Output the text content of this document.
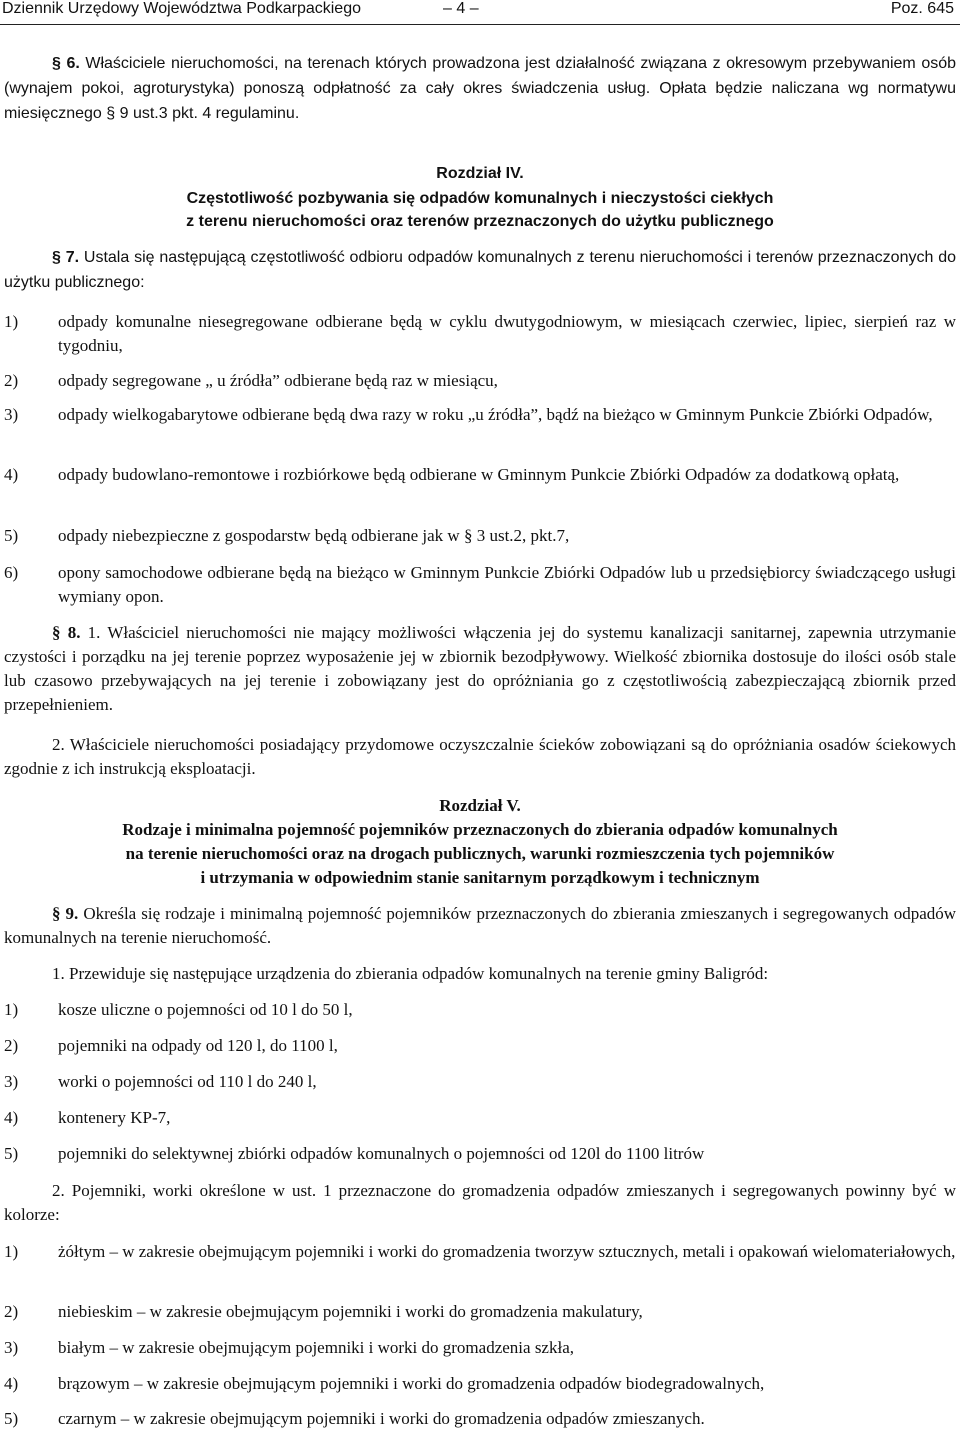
Dziennik Urzędowy Województwa Podkarpackiego	– 4 –	Poz. 645

§ 6. Właściciele nieruchomości, na terenach których prowadzona jest działalność związana z okresowym przebywaniem osób (wynajem pokoi, agroturystyka) ponoszą odpłatność za cały okres świadczenia usług. Opłata będzie naliczana wg normatywu miesięcznego § 9 ust.3 pkt. 4 regulaminu.

Rozdział IV.

Częstotliwość pozbywania się odpadów komunalnych i nieczystości ciekłych

z terenu nieruchomości oraz terenów przeznaczonych do użytku publicznego

§ 7. Ustala się następującą częstotliwość odbioru odpadów komunalnych z terenu nieruchomości i terenów przeznaczonych do użytku publicznego:

1)	odpady komunalne niesegregowane odbierane będą w cyklu dwutygodniowym, w miesiącach czerwiec, lipiec, sierpień raz w tygodniu,
2)	odpady segregowane „ u źródła” odbierane będą raz w miesiącu,
3)	odpady wielkogabarytowe odbierane będą dwa razy w roku „u źródła”, bądź na bieżąco w Gminnym Punkcie Zbiórki Odpadów,
4)	odpady budowlano-remontowe i rozbiórkowe będą odbierane w Gminnym Punkcie Zbiórki Odpadów za dodatkową opłatą,
5)	odpady niebezpieczne z gospodarstw będą odbierane jak w § 3 ust.2, pkt.7,
6)	opony samochodowe odbierane będą na bieżąco w Gminnym Punkcie Zbiórki Odpadów lub u przedsiębiorcy świadczącego usługi wymiany opon.

§ 8. 1. Właściciel nieruchomości nie mający możliwości włączenia jej do systemu kanalizacji sanitarnej, zapewnia utrzymanie czystości i porządku na jej terenie poprzez wyposażenie jej w zbiornik bezodpływowy. Wielkość zbiornika dostosuje do ilości osób stale lub czasowo przebywających na jej terenie i zobowiązany jest do opróżniania go z częstotliwością zabezpieczającą zbiornik przed przepełnieniem.

2. Właściciele nieruchomości posiadający przydomowe oczyszczalnie ścieków zobowiązani są do opróżniania osadów ściekowych zgodnie z ich instrukcją eksploatacji.

Rozdział V.

Rodzaje i minimalna pojemność pojemników przeznaczonych do zbierania odpadów komunalnych

na terenie nieruchomości oraz na drogach publicznych, warunki rozmieszczenia tych pojemników

i utrzymania w odpowiednim stanie sanitarnym porządkowym i technicznym

§ 9. Określa się rodzaje i minimalną pojemność pojemników przeznaczonych do zbierania zmieszanych i segregowanych odpadów komunalnych na terenie nieruchomość.

1. Przewiduje się następujące urządzenia do zbierania odpadów komunalnych na terenie gminy Baligród:

1)	kosze uliczne o pojemności od 10 l do 50 l,
2)	pojemniki na odpady od 120 l, do 1100 l,
3)	worki o pojemności od 110 l do 240 l,
4)	kontenery KP-7,
5)	pojemniki do selektywnej zbiórki odpadów komunalnych o pojemności od 120l do 1100 litrów

2. Pojemniki, worki określone w ust. 1 przeznaczone do gromadzenia odpadów zmieszanych i segregowanych powinny być w kolorze:

1)	żółtym – w zakresie obejmującym pojemniki i worki do gromadzenia tworzyw sztucznych, metali i opakowań wielomateriałowych,
2)	niebieskim – w zakresie obejmującym pojemniki i worki do gromadzenia makulatury,
3)	białym – w zakresie obejmującym pojemniki i worki do gromadzenia szkła,
4)	brązowym – w zakresie obejmującym pojemniki i worki do gromadzenia odpadów biodegradowalnych,
5)	czarnym – w zakresie obejmującym pojemniki i worki do gromadzenia odpadów zmieszanych.
